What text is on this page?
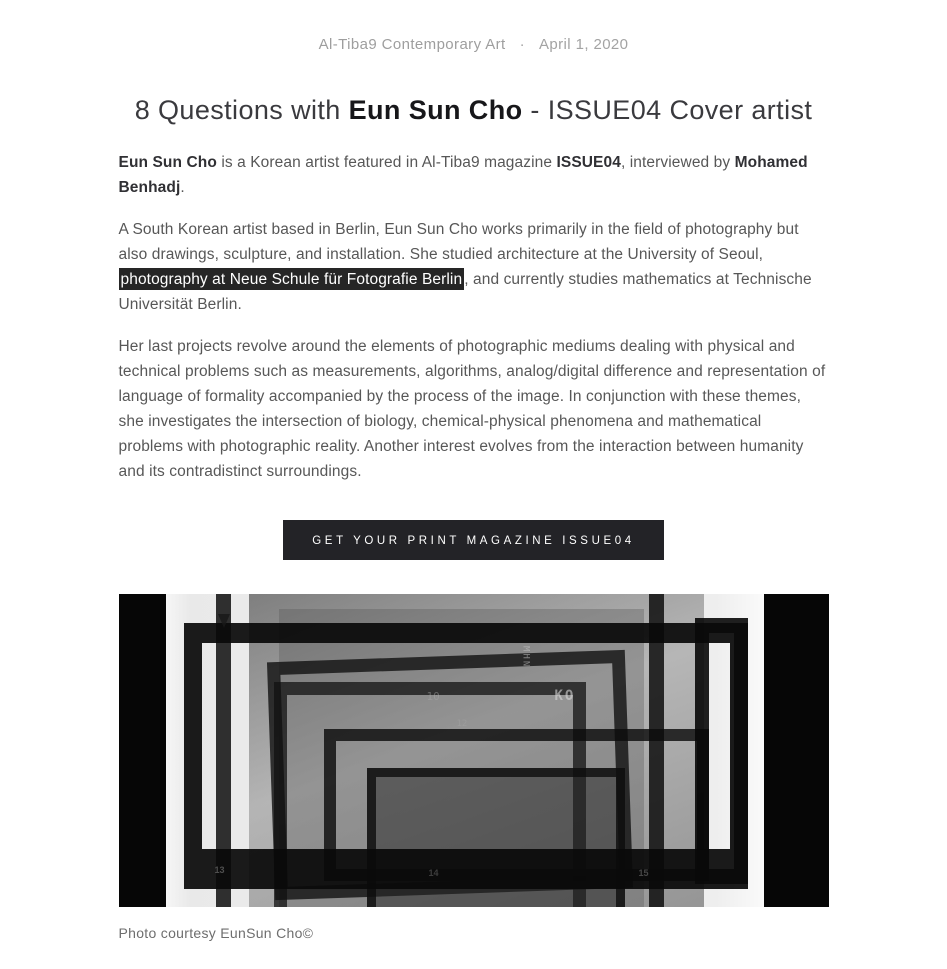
Al-Tiba9 Contemporary Art · April 1, 2020
8 Questions with Eun Sun Cho - ISSUE04 Cover artist

Eun Sun Cho is a Korean artist featured in Al-Tiba9 magazine ISSUE04, interviewed by Mohamed Benhadj.

A South Korean artist based in Berlin, Eun Sun Cho works primarily in the field of photography but also drawings, sculpture, and installation. She studied architecture at the University of Seoul, photography at Neue Schule für Fotografie Berlin , and currently studies mathematics at Technische Universität Berlin.

Her last projects revolve around the elements of photographic mediums dealing with physical and technical problems such as measurements, algorithms, analog/digital difference and representation of language of formality accompanied by the process of the image. In conjunction with these themes, she investigates the intersection of biology, chemical-physical phenomena and mathematical problems with photographic reality. Another interest evolves from the interaction between humanity and its contradistinct surroundings.

GET YOUR PRINT MAGAZINE ISSUE04
MHN
10	KO
12
13	14	15
Photo courtesy EunSun Cho©
